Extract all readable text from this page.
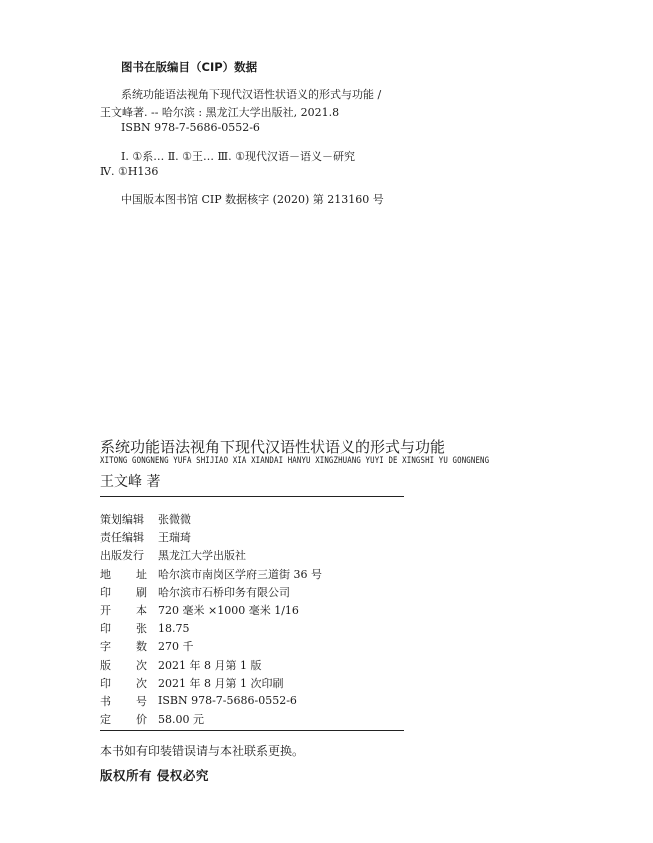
图书在版编目（CIP）数据
系统功能语法视角下现代汉语性状语义的形式与功能 /
王文峰著. -- 哈尔滨 : 黑龙江大学出版社, 2021.8
ISBN 978-7-5686-0552-6
Ⅰ. ①系… Ⅱ. ①王… Ⅲ. ①现代汉语－语义－研究
Ⅳ. ①H136
中国版本图书馆 CIP 数据核字 (2020) 第 213160 号
系统功能语法视角下现代汉语性状语义的形式与功能
XITONG GONGNENG YUFA SHIJIAO XIA XIANDAI HANYU XINGZHUANG YUYI DE XINGSHI YU GONGNENG
王文峰 著
策划编辑 张微微
责任编辑 王瑞琦
出版发行 黑龙江大学出版社
地 址 哈尔滨市南岗区学府三道街 36 号
印 刷 哈尔滨市石桥印务有限公司
开 本 720 毫米 ×1000 毫米 1/16
印 张 18.75
字 数 270 千
版 次 2021 年 8 月第 1 版
印 次 2021 年 8 月第 1 次印刷
书 号 ISBN 978-7-5686-0552-6
定 价 58.00 元
本书如有印装错误请与本社联系更换。
版权所有 侵权必究
